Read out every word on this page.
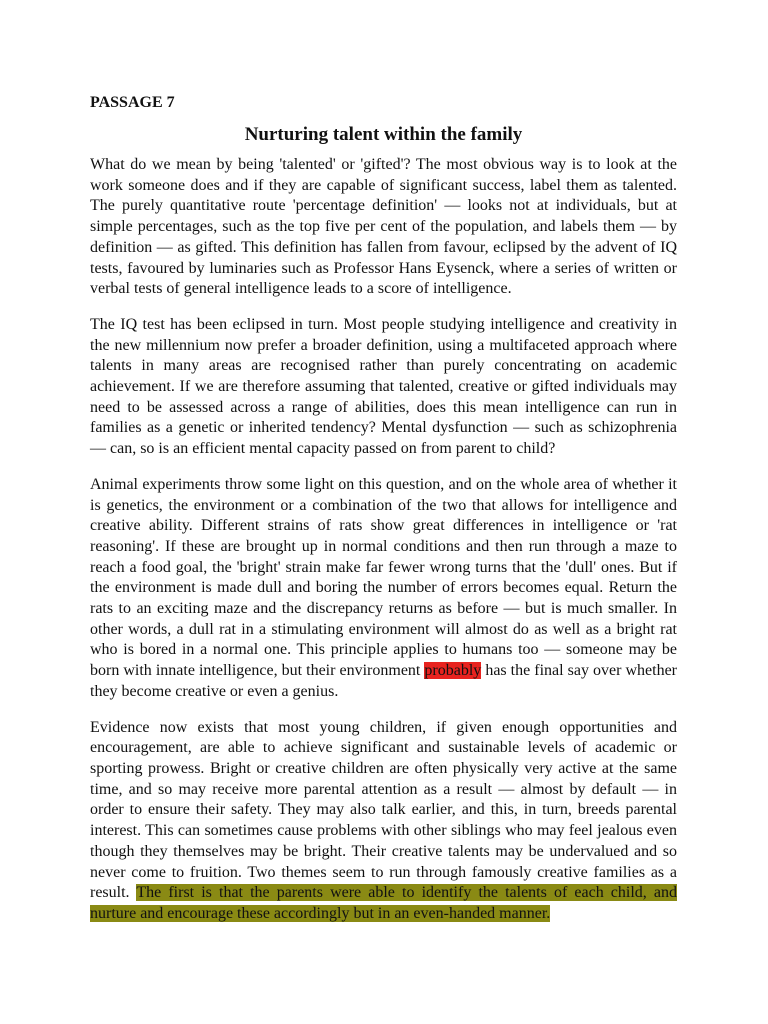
PASSAGE 7

Nurturing talent within the family

What do we mean by being 'talented' or 'gifted'? The most obvious way is to look at the work someone does and if they are capable of significant success, label them as talented. The purely quantitative route 'percentage definition' — looks not at individuals, but at simple percentages, such as the top five per cent of the population, and labels them — by definition — as gifted. This definition has fallen from favour, eclipsed by the advent of IQ tests, favoured by luminaries such as Professor Hans Eysenck, where a series of written or verbal tests of general intelligence leads to a score of intelligence.

The IQ test has been eclipsed in turn. Most people studying intelligence and creativity in the new millennium now prefer a broader definition, using a multifaceted approach where talents in many areas are recognised rather than purely concentrating on academic achievement. If we are therefore assuming that talented, creative or gifted individuals may need to be assessed across a range of abilities, does this mean intelligence can run in families as a genetic or inherited tendency? Mental dysfunction — such as schizophrenia — can, so is an efficient mental capacity passed on from parent to child?

Animal experiments throw some light on this question, and on the whole area of whether it is genetics, the environment or a combination of the two that allows for intelligence and creative ability. Different strains of rats show great differences in intelligence or 'rat reasoning'. If these are brought up in normal conditions and then run through a maze to reach a food goal, the 'bright' strain make far fewer wrong turns that the 'dull' ones. But if the environment is made dull and boring the number of errors becomes equal. Return the rats to an exciting maze and the discrepancy returns as before — but is much smaller. In other words, a dull rat in a stimulating environment will almost do as well as a bright rat who is bored in a normal one. This principle applies to humans too — someone may be born with innate intelligence, but their environment probably has the final say over whether they become creative or even a genius.

Evidence now exists that most young children, if given enough opportunities and encouragement, are able to achieve significant and sustainable levels of academic or sporting prowess. Bright or creative children are often physically very active at the same time, and so may receive more parental attention as a result — almost by default — in order to ensure their safety. They may also talk earlier, and this, in turn, breeds parental interest. This can sometimes cause problems with other siblings who may feel jealous even though they themselves may be bright. Their creative talents may be undervalued and so never come to fruition. Two themes seem to run through famously creative families as a result. The first is that the parents were able to identify the talents of each child, and nurture and encourage these accordingly but in an even-handed manner.
